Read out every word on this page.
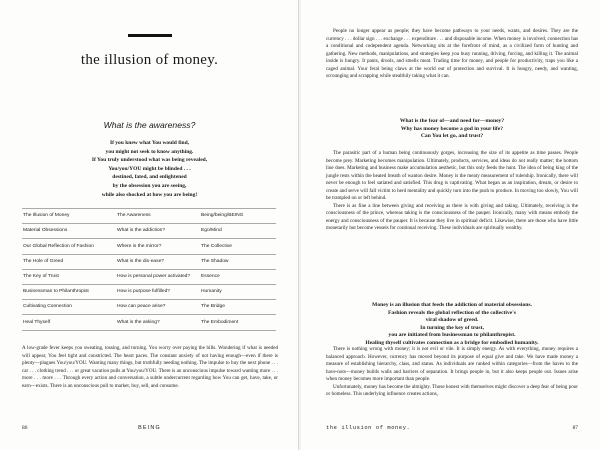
the illusion of money.
What is the awareness?
If you knew what You would find,
you might not seek to know anything.
If You truly understood what was being revealed,
You/you/YOU might be blinded . . .
destined, fated, and enlightened
by the obsession you are seeing,
while also shocked at how you are being!
The Illusion of Money	The Awareness	Being/being/BEING
Material Obsessions	What is the addiction?	Ego/Mind
Our Global Reflection of Fashion	Where is the mirror?	The Collective
The Hole of Greed	What is the dis-ease?	The Shadow
The Key of Trust	How is personal power activated?	Essence
Businessman to Philanthropist	How is purpose fulfilled?	Humanity
Cultivating Connection	How can peace arise?	The Bridge
Heal Thyself	What is the asking?	The Embodiment

A low-grade fever keeps you sweating, tossing, and turning. You worry over paying the bills. Wondering if what is needed will appear, You feel tight and constricted. The heart paces. The constant anxiety of not having enough—even if there is plenty—plagues You/you/YOU. Wanting many things, but truthfully needing nothing. The impulse to buy the next phone . . . car . . . clothing trend . . . or great vacation pulls at You/you/YOU. There is an unconscious impulse toward wanting more . . . more . . . more . . . Through every action and conversation, a subtle undercurrent regarding how You can get, have, take, or earn—exists. There is an unconscious pull to market, buy, sell, and consume.

86	BEING

People no longer appear as people; they have become pathways to your needs, wants, and desires. They are the currency . . . dollar sign . . . exchange . . . expenditure . . . and disposable income. When money is involved, connection has a conditional and codependent agenda. Networking sits at the forefront of mind, as a civilized form of hunting and gathering. New methods, manipulations, and strategies keep you busy running, driving, forcing, and killing it. The animal inside is hungry. It pants, drools, and smells meat. Trading time for money, and people for productivity, traps you like a caged animal. Your feral being claws at the world out of protection and survival. It is hungry, needy, and wanting, scrounging and scrapping while stealthily taking what it can.

What is the fear of—and need for—money?
Why has money become a god in your life?
Can You let go, and trust?

The parasitic part of a human being continuously gorges, increasing the size of its appetite as time passes. People become prey. Marketing becomes manipulation. Ultimately, products, services, and ideas do not really matter; the bottom line does. Marketing and business make accumulation aesthetic, but this only feeds the hunt. The idea of being king of the jungle rests within the heated breath of wanton desire. Money is the meaty measurement of rulership. Ironically, there will never be enough to feel satiated and satisfied. This drug is captivating. What began as an inspiration, dream, or desire to create and serve will fall victim to herd mentality and quickly turn into the push to produce. In moving too slowly, You will be trampled on or left behind.

There is as fine a line between giving and receiving as there is with giving and taking. Ultimately, receiving is the consciousness of the prince, whereas taking is the consciousness of the pauper. Ironically, many with means embody the energy and consciousness of the pauper. It is because they live in spiritual deficit. Likewise, there are those who have little monetarily but become vessels for continual receiving. These individuals are spiritually wealthy.

Money is an illusion that feeds the addiction of material obsessions.
Fashion reveals the global reflection of the collective's
viral shadow of greed.
In turning the key of trust,
you are initiated from businessman to philanthropist.
Healing thyself cultivates connection as a bridge for embodied humanity.

There is nothing wrong with money; it is not evil or vile. It is simply energy. As with everything, money requires a balanced approach. However, currency has moved beyond its purpose of equal give and take. We have made money a measure of establishing hierarchy, class, and status. As individuals are ranked within categories—from the haves to the have-nots—money builds walls and barriers of separation. It brings people in, but it also keeps people out. Issues arise when money becomes more important than people.

Unfortunately, money has become the almighty. Those honest with themselves might discover a deep fear of being poor or homeless. This underlying influence creates actions,

the illusion of money.	87
